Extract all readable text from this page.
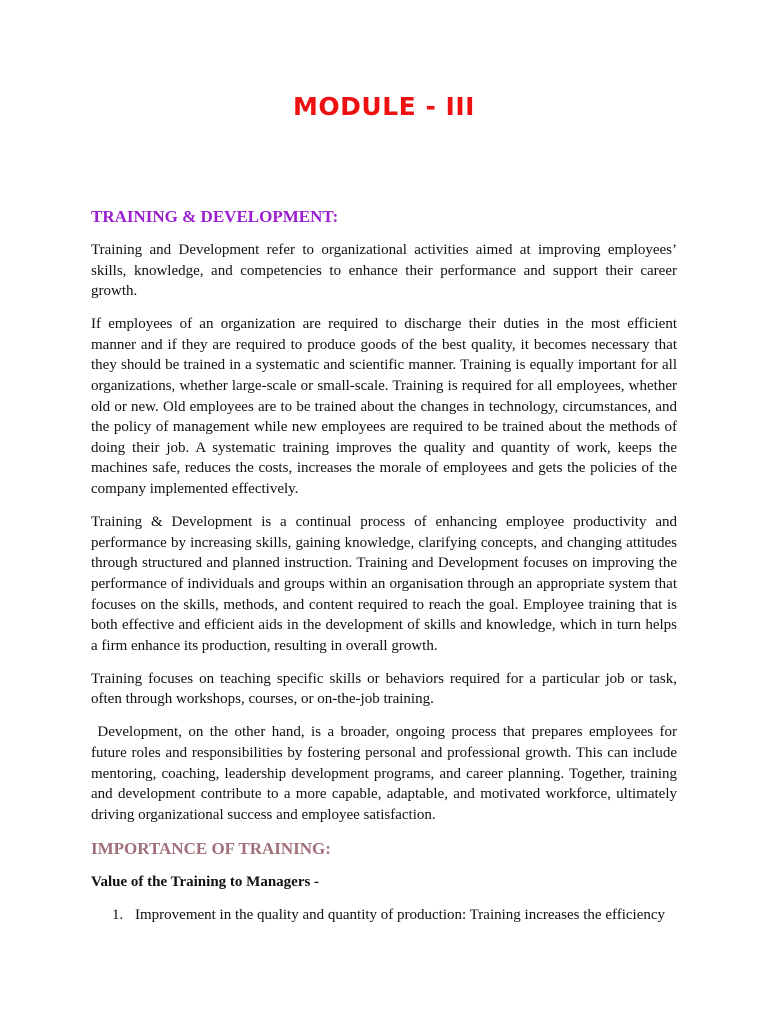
MODULE - III
TRAINING & DEVELOPMENT:

Training and Development refer to organizational activities aimed at improving employees’ skills, knowledge, and competencies to enhance their performance and support their career growth.

If employees of an organization are required to discharge their duties in the most efficient manner and if they are required to produce goods of the best quality, it becomes necessary that they should be trained in a systematic and scientific manner. Training is equally important for all organizations, whether large-scale or small-scale. Training is required for all employees, whether old or new. Old employees are to be trained about the changes in technology, circumstances, and the policy of management while new employees are required to be trained about the methods of doing their job. A systematic training improves the quality and quantity of work, keeps the machines safe, reduces the costs, increases the morale of employees and gets the policies of the company implemented effectively.

Training & Development is a continual process of enhancing employee productivity and performance by increasing skills, gaining knowledge, clarifying concepts, and changing attitudes through structured and planned instruction. Training and Development focuses on improving the performance of individuals and groups within an organisation through an appropriate system that focuses on the skills, methods, and content required to reach the goal. Employee training that is both effective and efficient aids in the development of skills and knowledge, which in turn helps a firm enhance its production, resulting in overall growth.

Training focuses on teaching specific skills or behaviors required for a particular job or task, often through workshops, courses, or on-the-job training.

Development, on the other hand, is a broader, ongoing process that prepares employees for future roles and responsibilities by fostering personal and professional growth. This can include mentoring, coaching, leadership development programs, and career planning. Together, training and development contribute to a more capable, adaptable, and motivated workforce, ultimately driving organizational success and employee satisfaction.

IMPORTANCE OF TRAINING:

Value of the Training to Managers -

1. Improvement in the quality and quantity of production: Training increases the efficiency
